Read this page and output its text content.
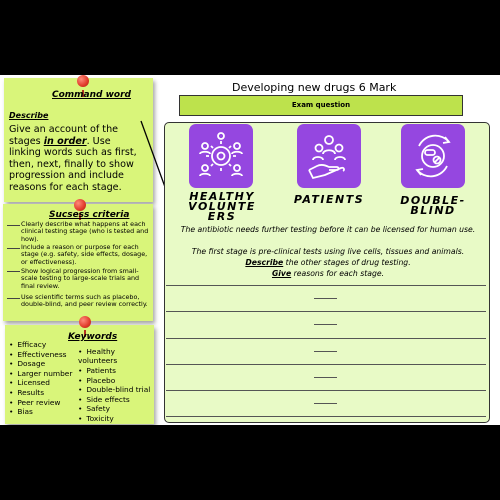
Command word
Describe
Give an account of the stages in order. Use linking words such as first, then, next, finally to show progression and include reasons for each stage.
Sucsess criteria
Clearly describe what happens at each clinical testing stage (who is tested and how).
Include a reason or purpose for each stage (e.g. safety, side effects, dosage, or effectiveness).
Show logical progression from small-scale testing to large-scale trials and final review.
Use scientific terms such as placebo, double-blind, and peer review correctly.
Keywords
• Efficacy
• Effectiveness
• Dosage
• Larger number
• Licensed
• Results
• Peer review
• Bias
• Healthy volunteers
• Patients
• Placebo
• Double-blind trial
• Side effects
• Safety
• Toxicity
Developing new drugs 6 Mark
Exam question
HEALTHY
VOLUNTE
ERS
PATIENTS	DOUBLE-
BLIND
The antibiotic needs further testing before it can be licensed for human use.
The first stage is pre-clinical tests using live cells, tissues and animals.
Describe the other stages of drug testing.
Give reasons for each stage.
